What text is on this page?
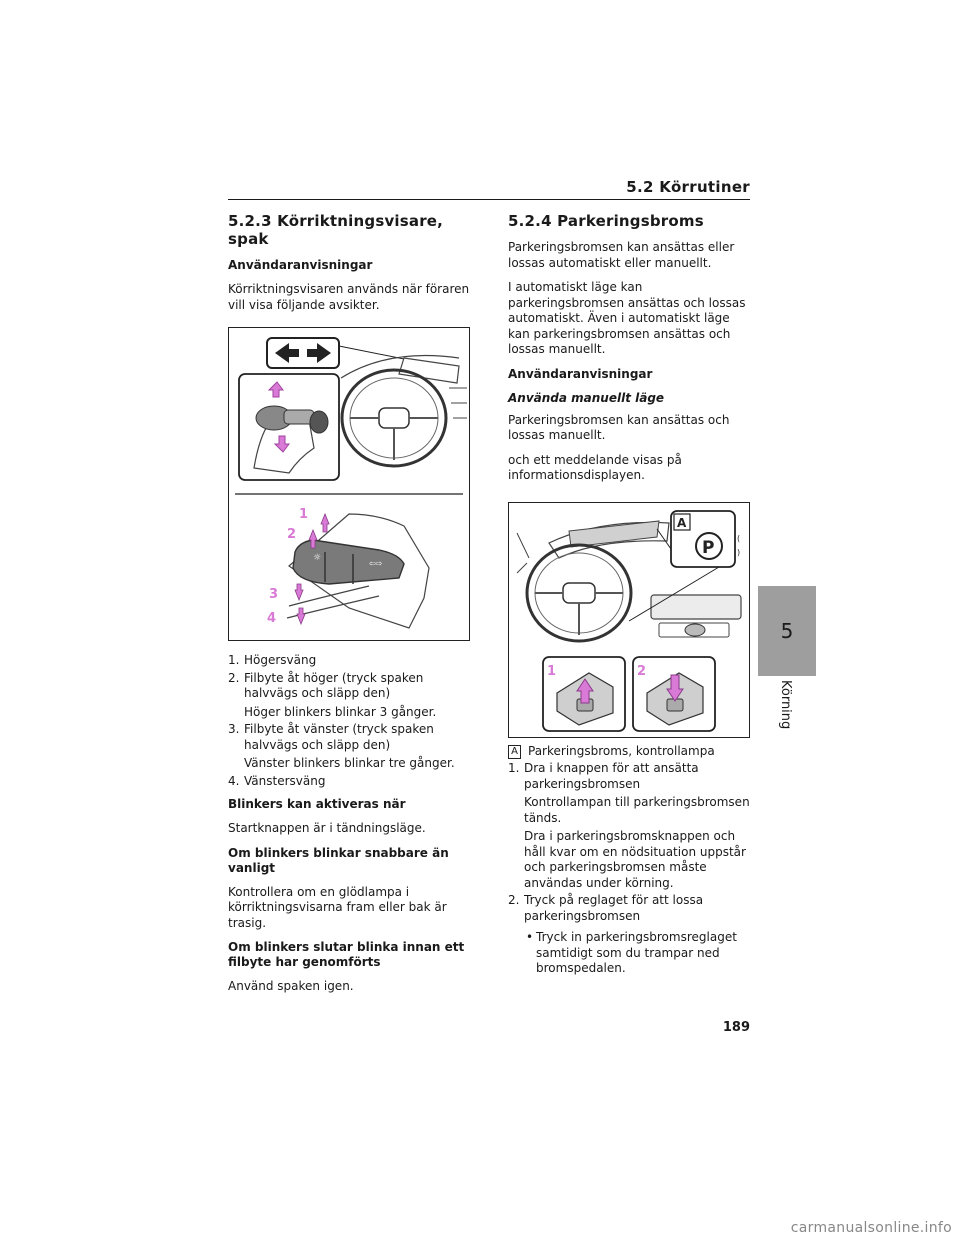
5.2 Körrutiner
5.2.3 Körriktningsvisare, spak
Användaranvisningar

Körriktningsvisaren används när föraren vill visa följande avsikter.

☼
⇦⇨
1
2
3
4
1. Högersväng
2. Filbyte åt höger (tryck spaken halvvägs och släpp den)
Höger blinkers blinkar 3 gånger.
3. Filbyte åt vänster (tryck spaken halvvägs och släpp den)
Vänster blinkers blinkar tre gånger.
4. Vänstersväng
Blinkers kan aktiveras när

Startknappen är i tändningsläge.

Om blinkers blinkar snabbare än vanligt

Kontrollera om en glödlampa i körriktningsvisarna fram eller bak är trasig.

Om blinkers slutar blinka innan ett filbyte har genomförts

Använd spaken igen.

5.2.4 Parkeringsbroms

Parkeringsbromsen kan ansättas eller lossas automatiskt eller manuellt.

I automatiskt läge kan parkeringsbromsen ansättas och lossas automatiskt. Även i automatiskt läge kan parkeringsbromsen ansättas och lossas manuellt.

Användaranvisningar
Använda manuellt läge

Parkeringsbromsen kan ansättas och lossas manuellt.

och ett meddelande visas på informationsdisplayen.

A
P	(
)
1	2
A Parkeringsbroms, kontrollampa
1. Dra i knappen för att ansätta parkeringsbromsen
Kontrollampan till parkeringsbromsen tänds.
Dra i parkeringsbromsknappen och håll kvar om en nödsituation uppstår och parkeringsbromsen måste användas under körning.
2. Tryck på reglaget för att lossa parkeringsbromsen
• Tryck in parkeringsbromsreglaget samtidigt som du trampar ned bromspedalen.
5
Körning
189
carmanualsonline.info
